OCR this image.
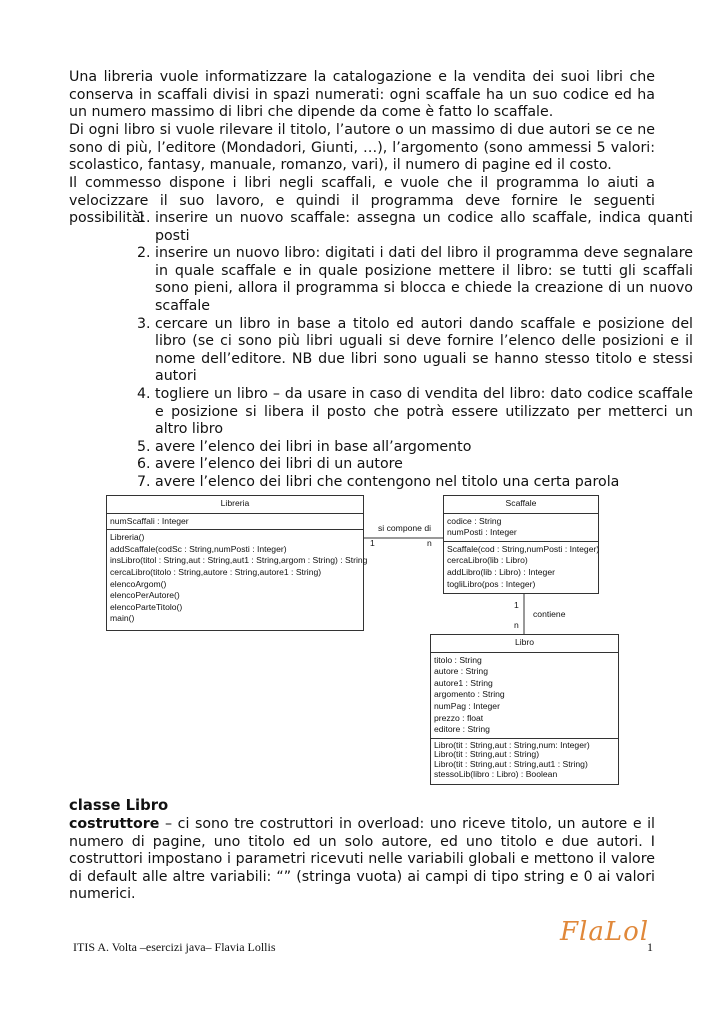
Una libreria vuole informatizzare la catalogazione e la vendita dei suoi libri che conserva in scaffali divisi in spazi numerati: ogni scaffale ha un suo codice ed ha un numero massimo di libri che dipende da come è fatto lo scaffale.

Di ogni libro si vuole rilevare il titolo, l’autore o un massimo di due autori se ce ne sono di più, l’editore (Mondadori, Giunti, …), l’argomento (sono ammessi 5 valori: scolastico, fantasy, manuale, romanzo, vari), il numero di pagine ed il costo.

Il commesso dispone i libri negli scaffali, e vuole che il programma lo aiuti a velocizzare il suo lavoro, e quindi il programma deve fornire le seguenti possibilità:

1. inserire un nuovo scaffale: assegna un codice allo scaffale, indica quanti posti
2. inserire un nuovo libro: digitati i dati del libro il programma deve segnalare in quale scaffale e in quale posizione mettere il libro: se tutti gli scaffali sono pieni, allora il programma si blocca e chiede la creazione di un nuovo scaffale
3. cercare un libro in base a titolo ed autori dando scaffale e posizione del libro (se ci sono più libri uguali si deve fornire l’elenco delle posizioni e il nome dell’editore. NB due libri sono uguali se hanno stesso titolo e stessi autori
4. togliere un libro – da usare in caso di vendita del libro: dato codice scaffale e posizione si libera il posto che potrà essere utilizzato per metterci un altro libro
5. avere l’elenco dei libri in base all’argomento
6. avere l’elenco dei libri di un autore
7. avere l’elenco dei libri che contengono nel titolo una certa parola
Libreria
numScaffali : Integer
Libreria()
addScaffale(codSc : String,numPosti : Integer)
insLibro(titol : String,aut : String,aut1 : String,argom : String) : String
cercaLibro(titolo : String,autore : String,autore1 : String)
elencoArgom()
elencoPerAutore()
elencoParteTitolo()
main()
Scaffale
codice : String
numPosti : Integer
Scaffale(cod : String,numPosti : Integer)
cercaLibro(lib : Libro)
addLibro(lib : Libro) : Integer
togliLibro(pos : Integer)
Libro
titolo : String
autore : String
autore1 : String
argomento : String
numPag : Integer
prezzo : float
editore : String
Libro(tit : String,aut : String,num: Integer)
Libro(tit : String,aut : String)
Libro(tit : String,aut : String,aut1 : String)
stessoLib(libro : Libro) : Boolean
si compone di
1	n
contiene
1
n

classe Libro

costruttore – ci sono tre costruttori in overload: uno riceve titolo, un autore e il numero di pagine, uno titolo ed un solo autore, ed uno titolo e due autori. I costruttori impostano i parametri ricevuti nelle variabili globali e mettono il valore di default alle altre variabili: “” (stringa vuota) ai campi di tipo string e 0 ai valori numerici.

ITIS A. Volta –esercizi java– Flavia Lollis	FlaLol
1
